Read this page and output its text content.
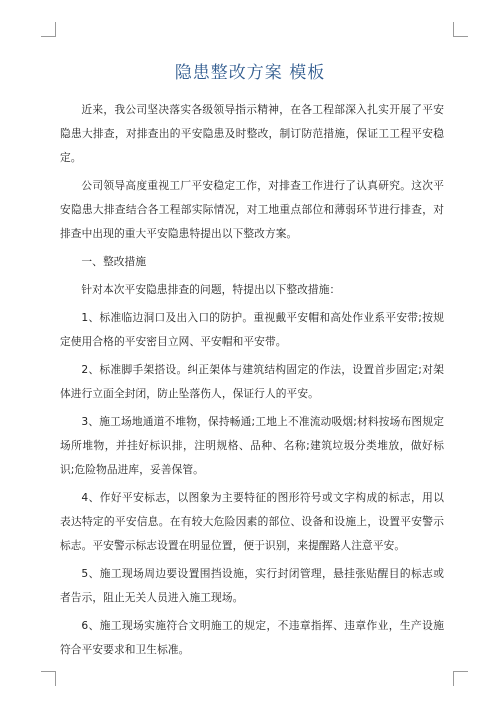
隐患整改方案 模板

近来，我公司坚决落实各级领导指示精神，在各工程部深入扎实开展了平安隐患大排查，对排查出的平安隐患及时整改，制订防范措施，保证工工程平安稳定。

公司领导高度重视工厂平安稳定工作，对排查工作进行了认真研究。这次平安隐患大排查结合各工程部实际情况，对工地重点部位和薄弱环节进行排查，对排查中出现的重大平安隐患特提出以下整改方案。

一、整改措施

针对本次平安隐患排查的问题，特提出以下整改措施：

1、标准临边洞口及出入口的防护。重视戴平安帽和高处作业系平安带;按规定使用合格的平安密目立网、平安帽和平安带。

2、标准脚手架搭设。纠正架体与建筑结构固定的作法，设置首步固定;对架体进行立面全封闭，防止坠落伤人，保证行人的平安。

3、施工场地通道不堆物，保持畅通;工地上不准流动吸烟;材料按场布图规定场所堆物，并挂好标识排，注明规格、品种、名称;建筑垃圾分类堆放，做好标识;危险物品进库，妥善保管。

4、作好平安标志，以图象为主要特征的图形符号或文字构成的标志，用以表达特定的平安信息。在有较大危险因素的部位、设备和设施上，设置平安警示标志。平安警示标志设置在明显位置，便于识别，来提醒路人注意平安。

5、施工现场周边要设置围挡设施，实行封闭管理，悬挂张贴醒目的标志或者告示，阻止无关人员进入施工现场。

6、施工现场实施符合文明施工的规定，不违章指挥、违章作业，生产设施符合平安要求和卫生标准。
